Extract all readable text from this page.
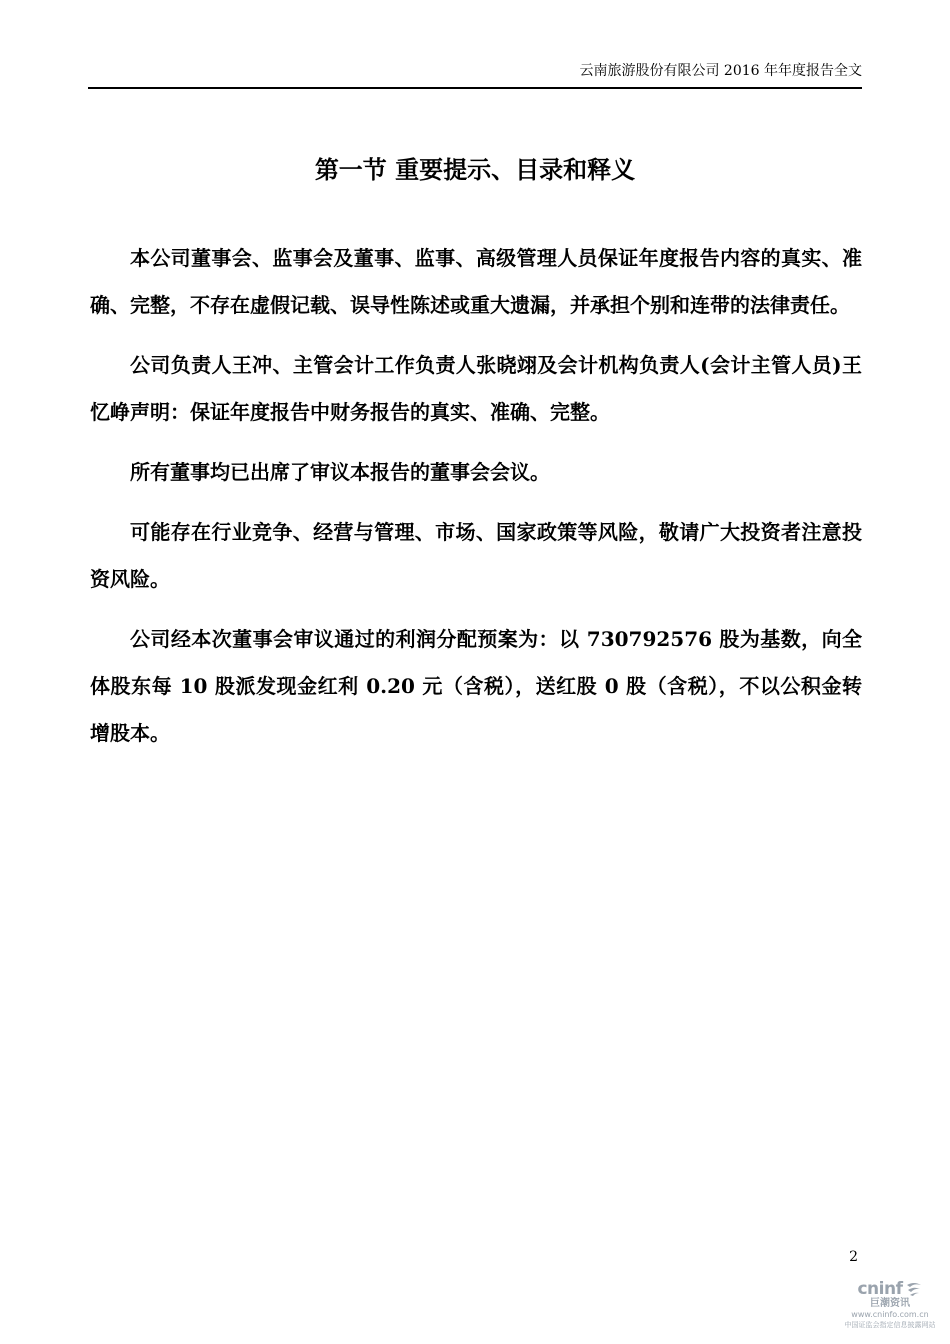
云南旅游股份有限公司 2016 年年度报告全文
第一节 重要提示、目录和释义

本公司董事会、监事会及董事、监事、高级管理人员保证年度报告内容的真实、准确、完整，不存在虚假记载、误导性陈述或重大遗漏，并承担个别和连带的法律责任。

公司负责人王冲、主管会计工作负责人张晓翊及会计机构负责人(会计主管人员)王忆峥声明：保证年度报告中财务报告的真实、准确、完整。

所有董事均已出席了审议本报告的董事会会议。

可能存在行业竞争、经营与管理、市场、国家政策等风险，敬请广大投资者注意投资风险。

公司经本次董事会审议通过的利润分配预案为：以 730792576 股为基数，向全体股东每 10 股派发现金红利 0.20 元（含税），送红股 0 股（含税），不以公积金转增股本。

2
cninf
巨潮资讯
www.cninfo.com.cn
中国证监会指定信息披露网站
